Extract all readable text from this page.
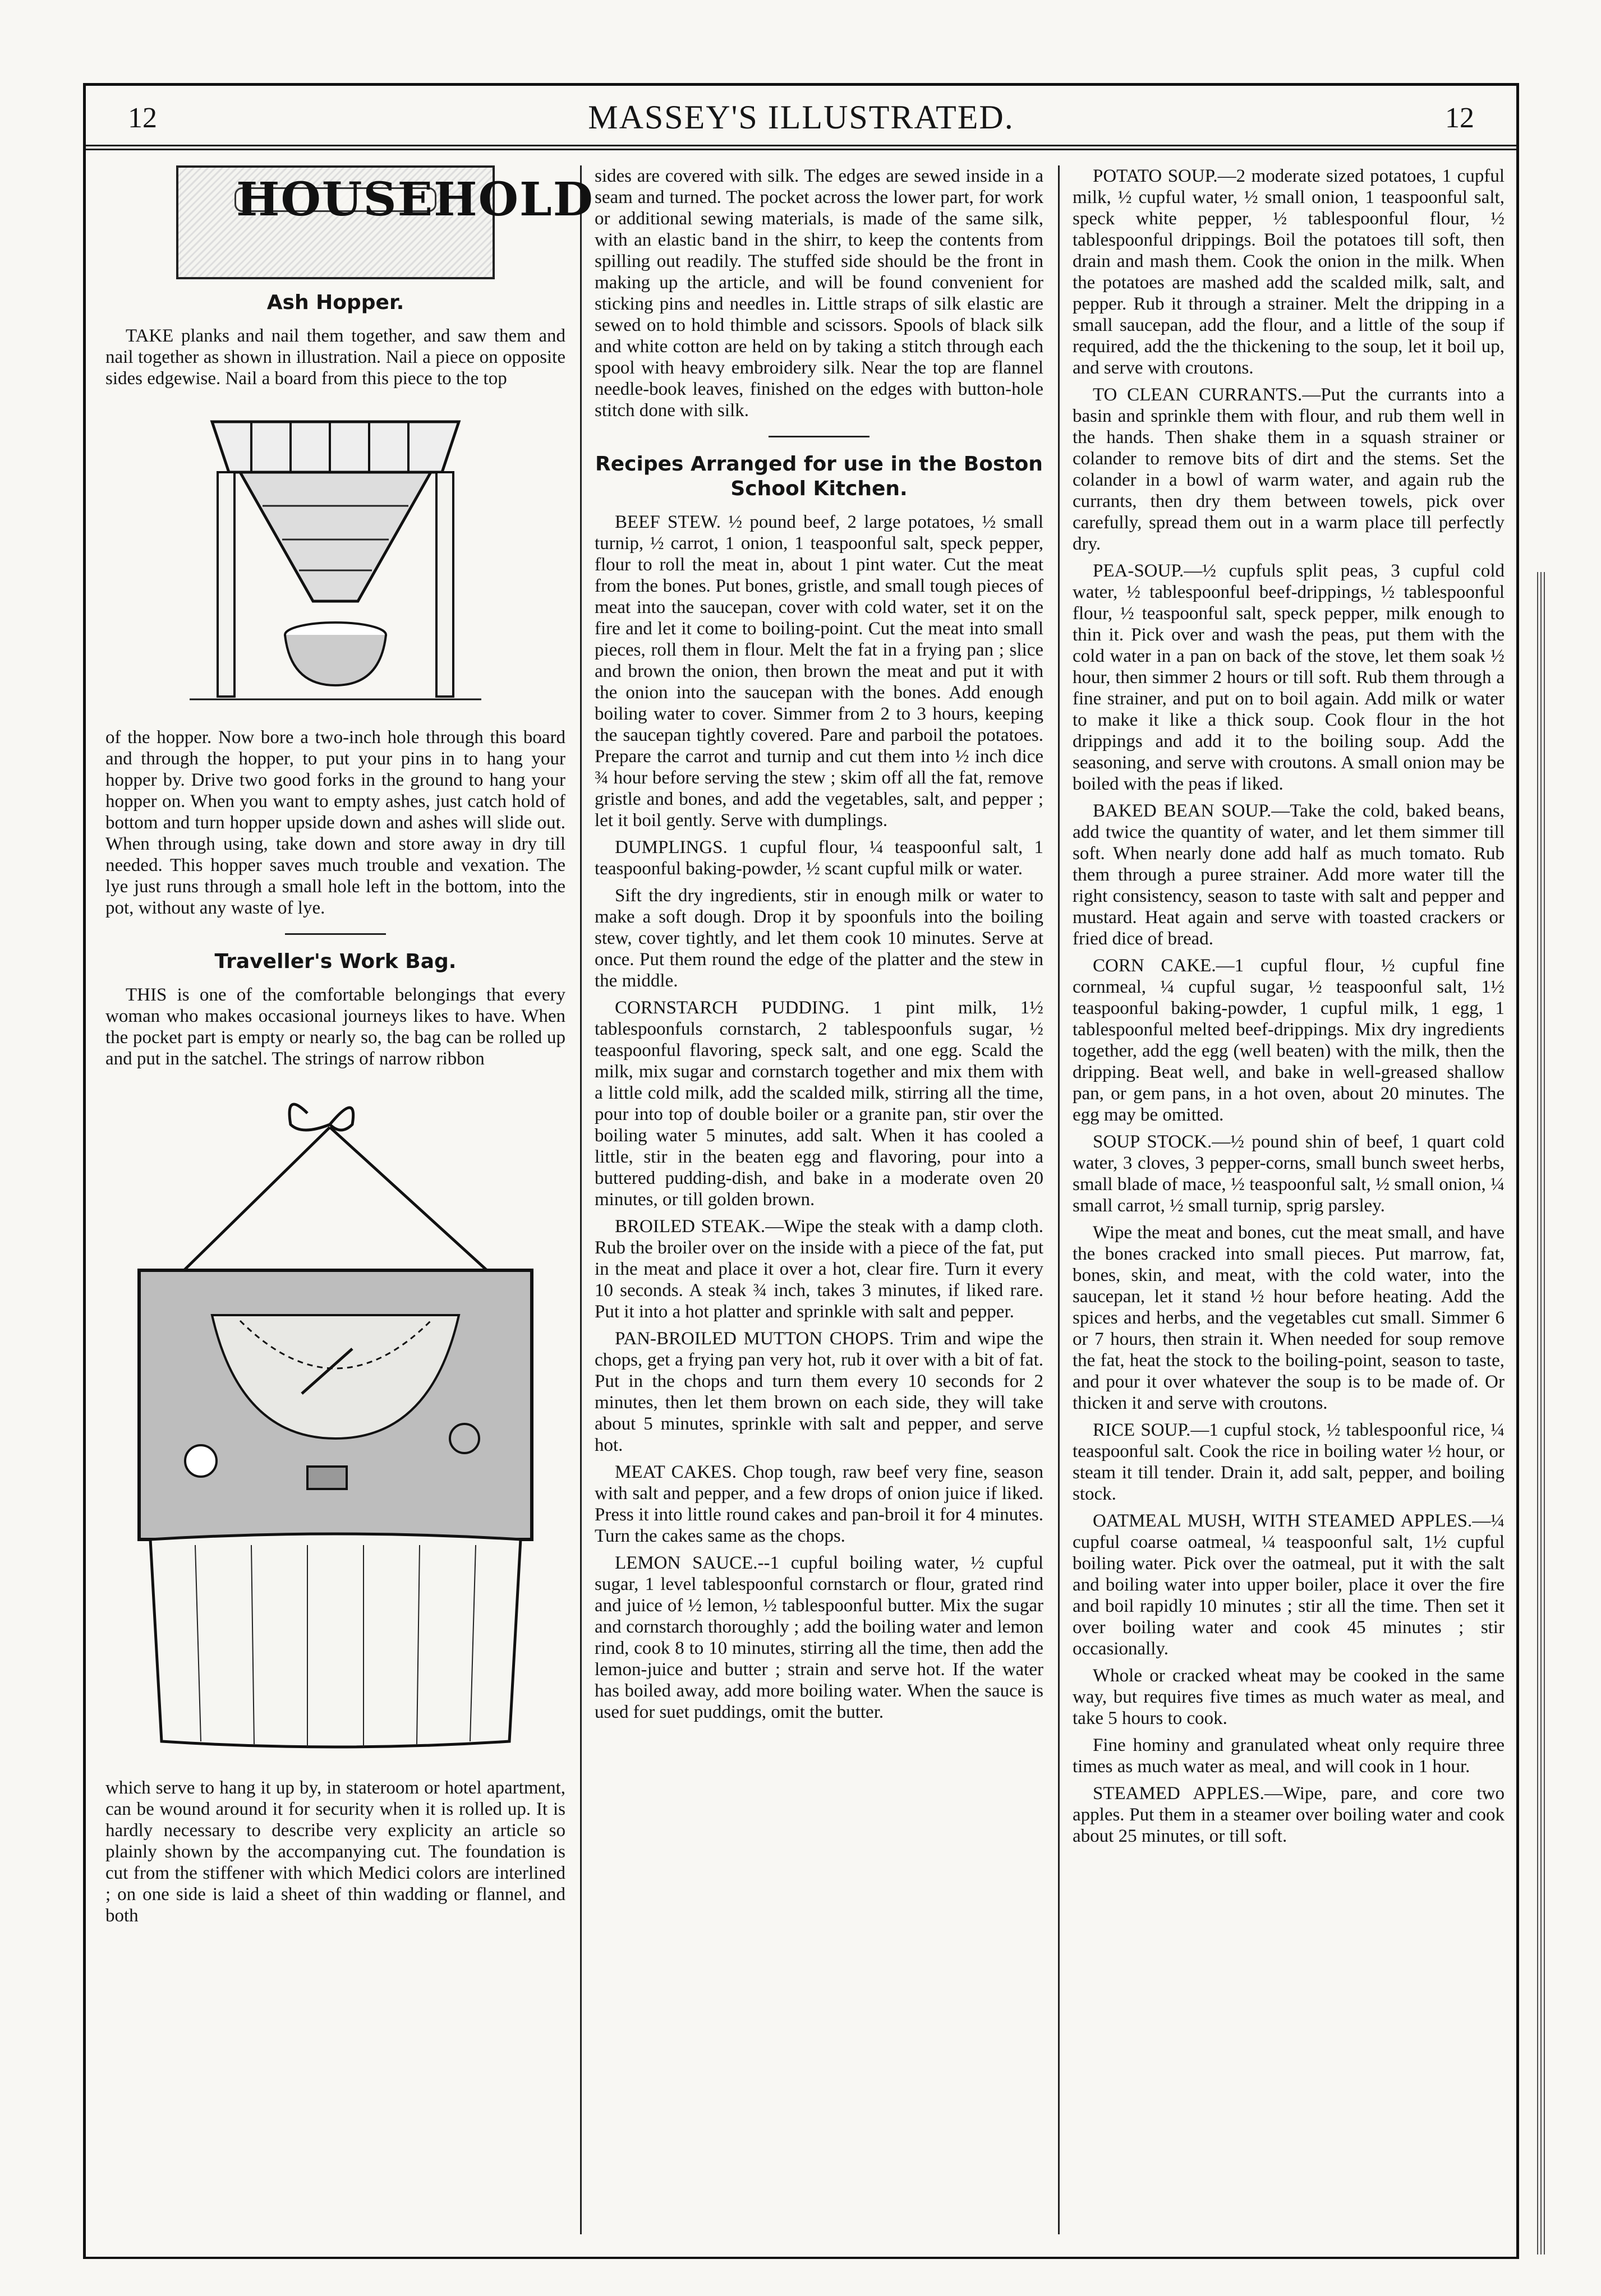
12	MASSEY'S ILLUSTRATED.	12
HOUSEHOLD
Ash Hopper.

TAKE planks and nail them together, and saw them and nail together as shown in illustration. Nail a piece on opposite sides edgewise. Nail a board from this piece to the top

of the hopper. Now bore a two-inch hole through this board and through the hopper, to put your pins in to hang your hopper by. Drive two good forks in the ground to hang your hopper on. When you want to empty ashes, just catch hold of bottom and turn hopper upside down and ashes will slide out. When through using, take down and store away in dry till needed. This hopper saves much trouble and vexation. The lye just runs through a small hole left in the bottom, into the pot, without any waste of lye.

Traveller's Work Bag.

THIS is one of the comfortable belongings that every woman who makes occasional journeys likes to have. When the pocket part is empty or nearly so, the bag can be rolled up and put in the satchel. The strings of narrow ribbon

which serve to hang it up by, in stateroom or hotel apartment, can be wound around it for security when it is rolled up. It is hardly necessary to describe very explicity an article so plainly shown by the accompanying cut. The foundation is cut from the stiffener with which Medici colors are interlined ; on one side is laid a sheet of thin wadding or flannel, and both

sides are covered with silk. The edges are sewed inside in a seam and turned. The pocket across the lower part, for work or additional sewing materials, is made of the same silk, with an elastic band in the shirr, to keep the contents from spilling out readily. The stuffed side should be the front in making up the article, and will be found convenient for sticking pins and needles in. Little straps of silk elastic are sewed on to hold thimble and scissors. Spools of black silk and white cotton are held on by taking a stitch through each spool with heavy embroidery silk. Near the top are flannel needle-book leaves, finished on the edges with button-hole stitch done with silk.

Recipes Arranged for use in the Boston School Kitchen.

BEEF STEW. ½ pound beef, 2 large potatoes, ½ small turnip, ½ carrot, 1 onion, 1 teaspoonful salt, speck pepper, flour to roll the meat in, about 1 pint water. Cut the meat from the bones. Put bones, gristle, and small tough pieces of meat into the saucepan, cover with cold water, set it on the fire and let it come to boiling-point. Cut the meat into small pieces, roll them in flour. Melt the fat in a frying pan ; slice and brown the onion, then brown the meat and put it with the onion into the saucepan with the bones. Add enough boiling water to cover. Simmer from 2 to 3 hours, keeping the saucepan tightly covered. Pare and parboil the potatoes. Prepare the carrot and turnip and cut them into ½ inch dice ¾ hour before serving the stew ; skim off all the fat, remove gristle and bones, and add the vegetables, salt, and pepper ; let it boil gently. Serve with dumplings.

DUMPLINGS. 1 cupful flour, ¼ teaspoonful salt, 1 teaspoonful baking-powder, ½ scant cupful milk or water.

Sift the dry ingredients, stir in enough milk or water to make a soft dough. Drop it by spoonfuls into the boiling stew, cover tightly, and let them cook 10 minutes. Serve at once. Put them round the edge of the platter and the stew in the middle.

CORNSTARCH PUDDING. 1 pint milk, 1½ tablespoonfuls cornstarch, 2 tablespoonfuls sugar, ½ teaspoonful flavoring, speck salt, and one egg. Scald the milk, mix sugar and cornstarch together and mix them with a little cold milk, add the scalded milk, stirring all the time, pour into top of double boiler or a granite pan, stir over the boiling water 5 minutes, add salt. When it has cooled a little, stir in the beaten egg and flavoring, pour into a buttered pudding-dish, and bake in a moderate oven 20 minutes, or till golden brown.

BROILED STEAK.—Wipe the steak with a damp cloth. Rub the broiler over on the inside with a piece of the fat, put in the meat and place it over a hot, clear fire. Turn it every 10 seconds. A steak ¾ inch, takes 3 minutes, if liked rare. Put it into a hot platter and sprinkle with salt and pepper.

PAN-BROILED MUTTON CHOPS. Trim and wipe the chops, get a frying pan very hot, rub it over with a bit of fat. Put in the chops and turn them every 10 seconds for 2 minutes, then let them brown on each side, they will take about 5 minutes, sprinkle with salt and pepper, and serve hot.

MEAT CAKES. Chop tough, raw beef very fine, season with salt and pepper, and a few drops of onion juice if liked. Press it into little round cakes and pan-broil it for 4 minutes. Turn the cakes same as the chops.

LEMON SAUCE.--1 cupful boiling water, ½ cupful sugar, 1 level tablespoonful cornstarch or flour, grated rind and juice of ½ lemon, ½ tablespoonful butter. Mix the sugar and cornstarch thoroughly ; add the boiling water and lemon rind, cook 8 to 10 minutes, stirring all the time, then add the lemon-juice and butter ; strain and serve hot. If the water has boiled away, add more boiling water. When the sauce is used for suet puddings, omit the butter.

POTATO SOUP.—2 moderate sized potatoes, 1 cupful milk, ½ cupful water, ½ small onion, 1 teaspoonful salt, speck white pepper, ½ tablespoonful flour, ½ tablespoonful drippings. Boil the potatoes till soft, then drain and mash them. Cook the onion in the milk. When the potatoes are mashed add the scalded milk, salt, and pepper. Rub it through a strainer. Melt the dripping in a small saucepan, add the flour, and a little of the soup if required, add the the thickening to the soup, let it boil up, and serve with croutons.

TO CLEAN CURRANTS.—Put the currants into a basin and sprinkle them with flour, and rub them well in the hands. Then shake them in a squash strainer or colander to remove bits of dirt and the stems. Set the colander in a bowl of warm water, and again rub the currants, then dry them between towels, pick over carefully, spread them out in a warm place till perfectly dry.

PEA-SOUP.—½ cupfuls split peas, 3 cupful cold water, ½ tablespoonful beef-drippings, ½ tablespoonful flour, ½ teaspoonful salt, speck pepper, milk enough to thin it. Pick over and wash the peas, put them with the cold water in a pan on back of the stove, let them soak ½ hour, then simmer 2 hours or till soft. Rub them through a fine strainer, and put on to boil again. Add milk or water to make it like a thick soup. Cook flour in the hot drippings and add it to the boiling soup. Add the seasoning, and serve with croutons. A small onion may be boiled with the peas if liked.

BAKED BEAN SOUP.—Take the cold, baked beans, add twice the quantity of water, and let them simmer till soft. When nearly done add half as much tomato. Rub them through a puree strainer. Add more water till the right consistency, season to taste with salt and pepper and mustard. Heat again and serve with toasted crackers or fried dice of bread.

CORN CAKE.—1 cupful flour, ½ cupful fine cornmeal, ¼ cupful sugar, ½ teaspoonful salt, 1½ teaspoonful baking-powder, 1 cupful milk, 1 egg, 1 tablespoonful melted beef-drippings. Mix dry ingredients together, add the egg (well beaten) with the milk, then the dripping. Beat well, and bake in well-greased shallow pan, or gem pans, in a hot oven, about 20 minutes. The egg may be omitted.

SOUP STOCK.—½ pound shin of beef, 1 quart cold water, 3 cloves, 3 pepper-corns, small bunch sweet herbs, small blade of mace, ½ teaspoonful salt, ½ small onion, ¼ small carrot, ½ small turnip, sprig parsley.

Wipe the meat and bones, cut the meat small, and have the bones cracked into small pieces. Put marrow, fat, bones, skin, and meat, with the cold water, into the saucepan, let it stand ½ hour before heating. Add the spices and herbs, and the vegetables cut small. Simmer 6 or 7 hours, then strain it. When needed for soup remove the fat, heat the stock to the boiling-point, season to taste, and pour it over whatever the soup is to be made of. Or thicken it and serve with croutons.

RICE SOUP.—1 cupful stock, ½ tablespoonful rice, ¼ teaspoonful salt. Cook the rice in boiling water ½ hour, or steam it till tender. Drain it, add salt, pepper, and boiling stock.

OATMEAL MUSH, WITH STEAMED APPLES.—¼ cupful coarse oatmeal, ¼ teaspoonful salt, 1½ cupful boiling water. Pick over the oatmeal, put it with the salt and boiling water into upper boiler, place it over the fire and boil rapidly 10 minutes ; stir all the time. Then set it over boiling water and cook 45 minutes ; stir occasionally.

Whole or cracked wheat may be cooked in the same way, but requires five times as much water as meal, and take 5 hours to cook.

Fine hominy and granulated wheat only require three times as much water as meal, and will cook in 1 hour.

STEAMED APPLES.—Wipe, pare, and core two apples. Put them in a steamer over boiling water and cook about 25 minutes, or till soft.
